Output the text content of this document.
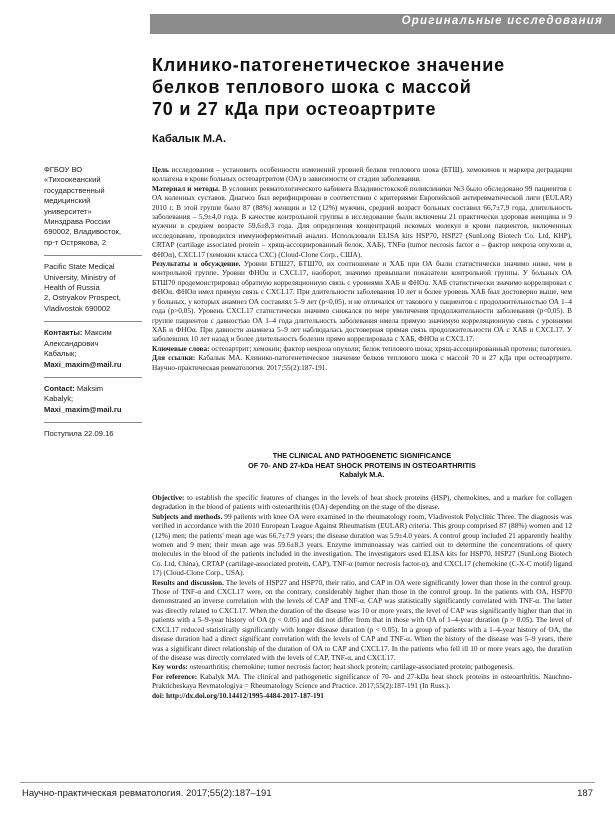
Оригинальные исследования
Клинико-патогенетическое значение
белков теплового шока с массой
70 и 27 кДа при остеоартрите
Кабалык М.А.
ФГБОУ ВО
«Тихоокеанский
государственный
медицинский
университет»
Минздрава России
690002, Владивосток,
пр-т Острякова, 2
Pacific State Medical
University, Ministry of
Health of Russia
2, Ostryakov Prospect,
Vladivostok 690002
Контакты: Максим
Александрович
Кабалык;
Maxi_maxim@mail.ru
Contact: Maksim
Kabalyk;
Maxi_maxim@mail.ru
Поступила 22.09.16

Цель исследования – установить особенности изменений уровней белков теплового шока (БТШ), хемокинов и маркера деградации коллагена в крови больных остеоартритом (ОА) в зависимости от стадии заболевания.

Материал и методы. В условиях ревматологического кабинета Владивостокской поликлиники №3 было обследовано 99 пациентов с ОА коленных суставов. Диагноз был верифицирован в соответствии с критериями Европейской антиревматической лиги (EULAR) 2010 г. В этой группе было 87 (88%) женщин и 12 (12%) мужчин, средний возраст больных составил 66,7±7,9 года, длительность заболевания – 5,9±4,0 года. В качестве контрольной группы в исследование были включены 21 практически здоровая женщина и 9 мужчин в среднем возрасте 59,6±8,3 года. Для определения концентраций искомых молекул в крови пациентов, включенных исследование, проводился иммуноферментный анализ. Использовали ELISA kits HSP70, HSP27 (SunLong Biotech Co. Ltd, КНР), CRTAP (cartilage associated protein – хрящ-ассоциированный белок, ХАБ), TNFα (tumor necrosis factor α – фактор некроза опухоли α, ФНОα), CXCL17 (хемокин класса СХС) (Cloud-Clone Corp., США).

Результаты и обсуждение. Уровни БТШ27, БТШ70, их соотношение и ХАБ при ОА были статистически значимо ниже, чем в контрольной группе. Уровни ФНОα и CXCL17, наоборот, значимо превышали показатели контрольной группы. У больных ОА БТШ70 продемонстрировал обратную корреляционную связь с уровнями ХАБ и ФНОα. ХАБ статистически значимо коррелировал с ФНОα. ФНОα имел прямую связь с CXCL17. При длительности заболевания 10 лет и более уровень ХАБ был достоверно выше, чем у больных, у которых анамнез ОА составлял 5–9 лет (p<0,05), и не отличался от такового у пациентов с продолжительностью ОА 1–4 года (p>0,05). Уровень CXCL17 статистически значимо снижался по мере увеличения продолжительности заболевания (p<0,05). В группе пациентов с давностью ОА 1–4 года длительность заболевания имела прямую значимую корреляционную связь с уровнями ХАБ и ФНОα. При давности анамнеза 5–9 лет наблюдалась достоверная прямая связь продолжительности ОА с ХАБ и CXCL17. У заболевших 10 лет назад и более длительность болезни прямо коррелировала с ХАБ, ФНОα и CXCL17.

Ключевые слова: остеоартрит; хемокин; фактор некроза опухоли; белок теплового шока; хрящ-ассоциированный протеин; патогенез.

Для ссылки: Кабалык МА. Клинико-патогенетическое значение белков теплового шока с массой 70 и 27 кДа при остеоартрите. Научно-практическая ревматология. 2017;55(2):187-191.

THE CLINICAL AND PATHOGENETIC SIGNIFICANCE
OF 70- AND 27-kDa HEAT SHOCK PROTEINS IN OSTEOARTHRITIS
Kabalyk M.A.

Objective: to establish the specific features of changes in the levels of heat shock proteins (HSP), chemokines, and a marker for collagen degradation in the blood of patients with osteoarthritis (OA) depending on the stage of the disease.

Subjects and methods. 99 patients with knee OA were examined in the rheumatology room, Vladivostok Polyclinic Three. The diagnosis was verified in accordance with the 2010 European League Against Rheumatism (EULAR) criteria. This group comprised 87 (88%) women and 12 (12%) men; the patients' mean age was 66.7±7.9 years; the disease duration was 5.9±4.0 years. A control group included 21 apparently healthy women and 9 men; their mean age was 59.6±8.3 years. Enzyme immunoassay was carried out to determine the concentrations of query molecules in the blood of the patients included in the investigation. The investigators used ELISA kits for HSP70, HSP27 (SunLong Biotech Co. Ltd, China), CRTAP (cartilage-associated protein, CAP), TNF-α (tumor necrosis factor-α), and CXCL17 (chemokine (C-X-C motif) ligand 17) (Cloud-Clone Corp., USA).

Results and discussion. The levels of HSP27 and HSP70, their ratio, and CAP in OA were significantly lower than those in the control group. Those of TNF-α and CXCL17 were, on the contrary, considerably higher than those in the control group. In the patients with OA, HSP70 demonstrated an inverse correlation with the levels of CAP and TNF-α. CAP was statistically significantly correlated with TNF-α. The latter was directly related to CXCL17. When the duration of the disease was 10 or more years, the level of CAP was significantly higher than that in patients with a 5–9-year history of OA (p < 0.05) and did not differ from that in those with OA of 1–4-year duration (p > 0.05). The level of CXCL17 reduced statistically significantly with longer disease duration (p < 0.05). In a group of patients with a 1–4-year history of OA, the disease duration had a direct significant correlation with the levels of CAP and TNF-α. When the history of the disease was 5–9 years, there was a significant direct relationship of the duration of OA to CAP and CXCL17. In the patients who fell ill 10 or more years ago, the duration of the disease was directly correlated with the levels of CAP, TNF-α, and CXCL17.

Key words: osteoarthritis; chemokine; tumor necrosis factor; heat shock protein; cartilage-associated protein; pathogenesis.

For reference: Kabalyk MA. The clinical and pathogenetic significance of 70- and 27-kDa heat shock proteins in osteoarthritis. Nauchno-Prakticheskaya Revmatologiya = Rheumatology Science and Practice. 2017;55(2):187-191 (In Russ.).

doi: http://dx.doi.org/10.14412/1995-4484-2017-187-191

Научно-практическая ревматология. 2017;55(2):187–191	187
